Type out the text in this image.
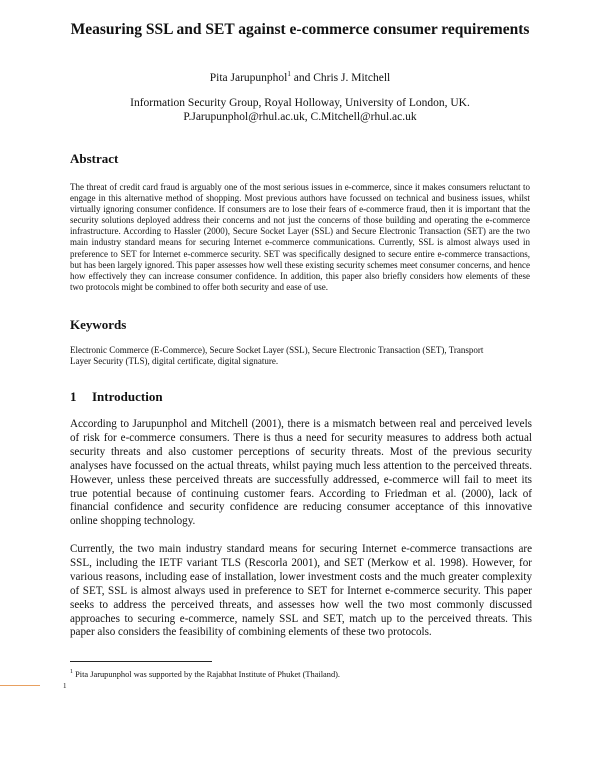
Measuring SSL and SET against e-commerce consumer requirements
Pita Jarupunphol$^1$ and Chris J. Mitchell
Information Security Group, Royal Holloway, University of London, UK.
P.Jarupunphol@rhul.ac.uk, C.Mitchell@rhul.ac.uk
Abstract
The threat of credit card fraud is arguably one of the most serious issues in e-commerce, since it makes consumers reluctant to engage in this alternative method of shopping. Most previous authors have focussed on technical and business issues, whilst virtually ignoring consumer confidence. If consumers are to lose their fears of e-commerce fraud, then it is important that the security solutions deployed address their concerns and not just the concerns of those building and operating the e-commerce infrastructure. According to Hassler (2000), Secure Socket Layer (SSL) and Secure Electronic Transaction (SET) are the two main industry standard means for securing Internet e-commerce communications. Currently, SSL is almost always used in preference to SET for Internet e-commerce security. SET was specifically designed to secure entire e-commerce transactions, but has been largely ignored. This paper assesses how well these existing security schemes meet consumer concerns, and hence how effectively they can increase consumer confidence. In addition, this paper also briefly considers how elements of these two protocols might be combined to offer both security and ease of use.
Keywords
Electronic Commerce (E-Commerce), Secure Socket Layer (SSL), Secure Electronic Transaction (SET), Transport Layer Security (TLS), digital certificate, digital signature.
1 Introduction
According to Jarupunphol and Mitchell (2001), there is a mismatch between real and perceived levels of risk for e-commerce consumers. There is thus a need for security measures to address both actual security threats and also customer perceptions of security threats. Most of the previous security analyses have focussed on the actual threats, whilst paying much less attention to the perceived threats. However, unless these perceived threats are successfully addressed, e-commerce will fail to meet its true potential because of continuing customer fears. According to Friedman et al. (2000), lack of financial confidence and security confidence are reducing consumer acceptance of this innovative online shopping technology.
Currently, the two main industry standard means for securing Internet e-commerce transactions are SSL, including the IETF variant TLS (Rescorla 2001), and SET (Merkow et al. 1998). However, for various reasons, including ease of installation, lower investment costs and the much greater complexity of SET, SSL is almost always used in preference to SET for Internet e-commerce security. This paper seeks to address the perceived threats, and assesses how well the two most commonly discussed approaches to securing e-commerce, namely SSL and SET, match up to the perceived threats. This paper also considers the feasibility of combining elements of these two protocols.
$^1$ Pita Jarupunphol was supported by the Rajabhat Institute of Phuket (Thailand).
1
